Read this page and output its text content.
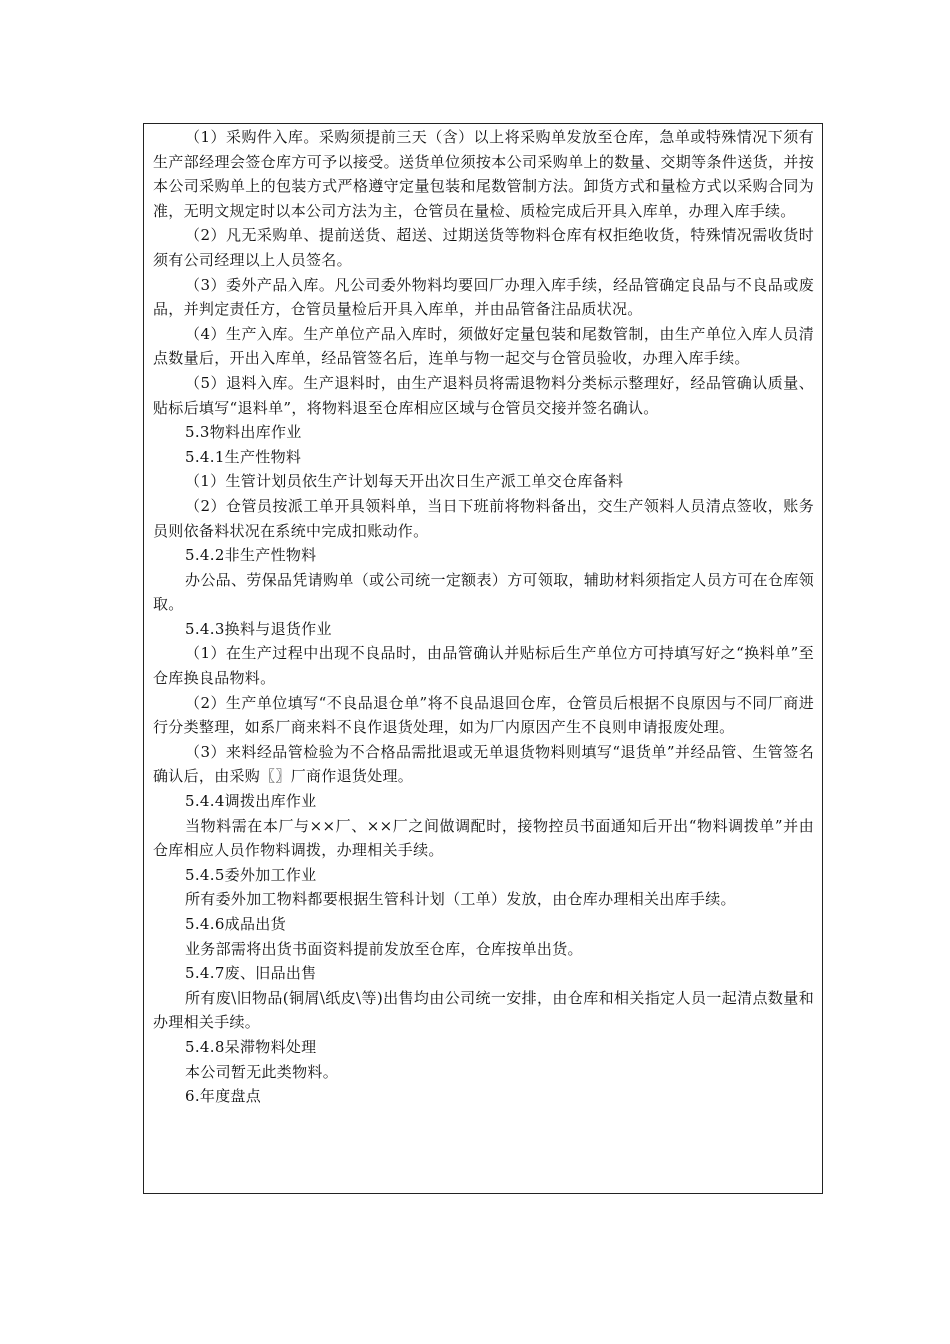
（1）采购件入库。采购须提前三天（含）以上将采购单发放至仓库，急单或特殊情况下须有生产部经理会签仓库方可予以接受。送货单位须按本公司采购单上的数量、交期等条件送货，并按本公司采购单上的包装方式严格遵守定量包装和尾数管制方法。卸货方式和量检方式以采购合同为准，无明文规定时以本公司方法为主，仓管员在量检、质检完成后开具入库单，办理入库手续。

（2）凡无采购单、提前送货、超送、过期送货等物料仓库有权拒绝收货，特殊情况需收货时须有公司经理以上人员签名。

（3）委外产品入库。凡公司委外物料均要回厂办理入库手续，经品管确定良品与不良品或废品，并判定责任方，仓管员量检后开具入库单，并由品管备注品质状况。

（4）生产入库。生产单位产品入库时，须做好定量包装和尾数管制，由生产单位入库人员清点数量后，开出入库单，经品管签名后，连单与物一起交与仓管员验收，办理入库手续。

（5）退料入库。生产退料时，由生产退料员将需退物料分类标示整理好，经品管确认质量、贴标后填写“退料单”，将物料退至仓库相应区域与仓管员交接并签名确认。

5.3物料出库作业

5.4.1生产性物料

（1）生管计划员依生产计划每天开出次日生产派工单交仓库备料

（2）仓管员按派工单开具领料单，当日下班前将物料备出，交生产领料人员清点签收，账务员则依备料状况在系统中完成扣账动作。

5.4.2非生产性物料

办公品、劳保品凭请购单（或公司统一定额表）方可领取，辅助材料须指定人员方可在仓库领取。

5.4.3换料与退货作业

（1）在生产过程中出现不良品时，由品管确认并贴标后生产单位方可持填写好之“换料单”至仓库换良品物料。

（2）生产单位填写“不良品退仓单”将不良品退回仓库，仓管员后根据不良原因与不同厂商进行分类整理，如系厂商来料不良作退货处理，如为厂内原因产生不良则申请报废处理。

（3）来料经品管检验为不合格品需批退或无单退货物料则填写“退货单”并经品管、生管签名确认后，由采购〖〗厂商作退货处理。

5.4.4调拨出库作业

当物料需在本厂与××厂、××厂之间做调配时，接物控员书面通知后开出“物料调拨单”并由仓库相应人员作物料调拨，办理相关手续。

5.4.5委外加工作业

所有委外加工物料都要根据生管科计划（工单）发放，由仓库办理相关出库手续。

5.4.6成品出货

业务部需将出货书面资料提前发放至仓库，仓库按单出货。

5.4.7废、旧品出售

所有废\旧物品(铜屑\纸皮\等)出售均由公司统一安排，由仓库和相关指定人员一起清点数量和办理相关手续。

5.4.8呆滞物料处理

本公司暂无此类物料。

6.年度盘点
